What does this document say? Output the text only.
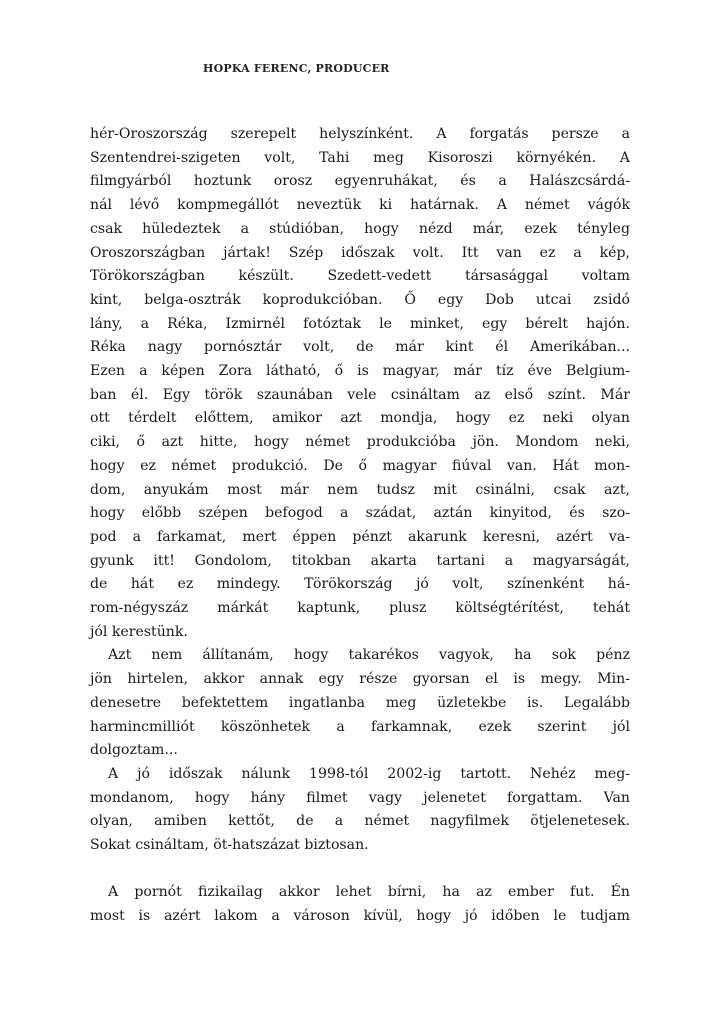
HOPKA FERENC, PRODUCER
hér-Oroszország szerepelt helyszínként. A forgatás persze a
Szentendrei-szigeten volt, Tahi meg Kisoroszi környékén. A
filmgyárból hoztunk orosz egyenruhákat, és a Halászcsárdá-
nál lévő kompmegállót neveztük ki határnak. A német vágók
csak hüledeztek a stúdióban, hogy nézd már, ezek tényleg
Oroszországban jártak! Szép időszak volt. Itt van ez a kép,
Törökországban készült. Szedett-vedett társasággal voltam
kint, belga-osztrák koprodukcióban. Ő egy Dob utcai zsidó
lány, a Réka, Izmirnél fotóztak le minket, egy bérelt hajón.
Réka nagy pornósztár volt, de már kint él Amerikában...
Ezen a képen Zora látható, ő is magyar, már tíz éve Belgium-
ban él. Egy török szaunában vele csináltam az első színt. Már
ott térdelt előttem, amikor azt mondja, hogy ez neki olyan
ciki, ő azt hitte, hogy német produkcióba jön. Mondom neki,
hogy ez német produkció. De ő magyar fiúval van. Hát mon-
dom, anyukám most már nem tudsz mit csinálni, csak azt,
hogy előbb szépen befogod a szádat, aztán kinyitod, és szo-
pod a farkamat, mert éppen pénzt akarunk keresni, azért va-
gyunk itt! Gondolom, titokban akarta tartani a magyarságát,
de hát ez mindegy. Törökország jó volt, színenként há-
rom-négyszáz márkát kaptunk, plusz költségtérítést, tehát
jól kerestünk.
Azt nem állítanám, hogy takarékos vagyok, ha sok pénz
jön hirtelen, akkor annak egy része gyorsan el is megy. Min-
denesetre befektettem ingatlanba meg üzletekbe is. Legalább
harmincmilliót köszönhetek a farkamnak, ezek szerint jól
dolgoztam...
A jó időszak nálunk 1998-tól 2002-ig tartott. Nehéz meg-
mondanom, hogy hány filmet vagy jelenetet forgattam. Van
olyan, amiben kettőt, de a német nagyfilmek ötjelenetesek.
Sokat csináltam, öt-hatszázat biztosan.
A pornót fizikailag akkor lehet bírni, ha az ember fut. Én
most is azért lakom a városon kívül, hogy jó időben le tudjam
